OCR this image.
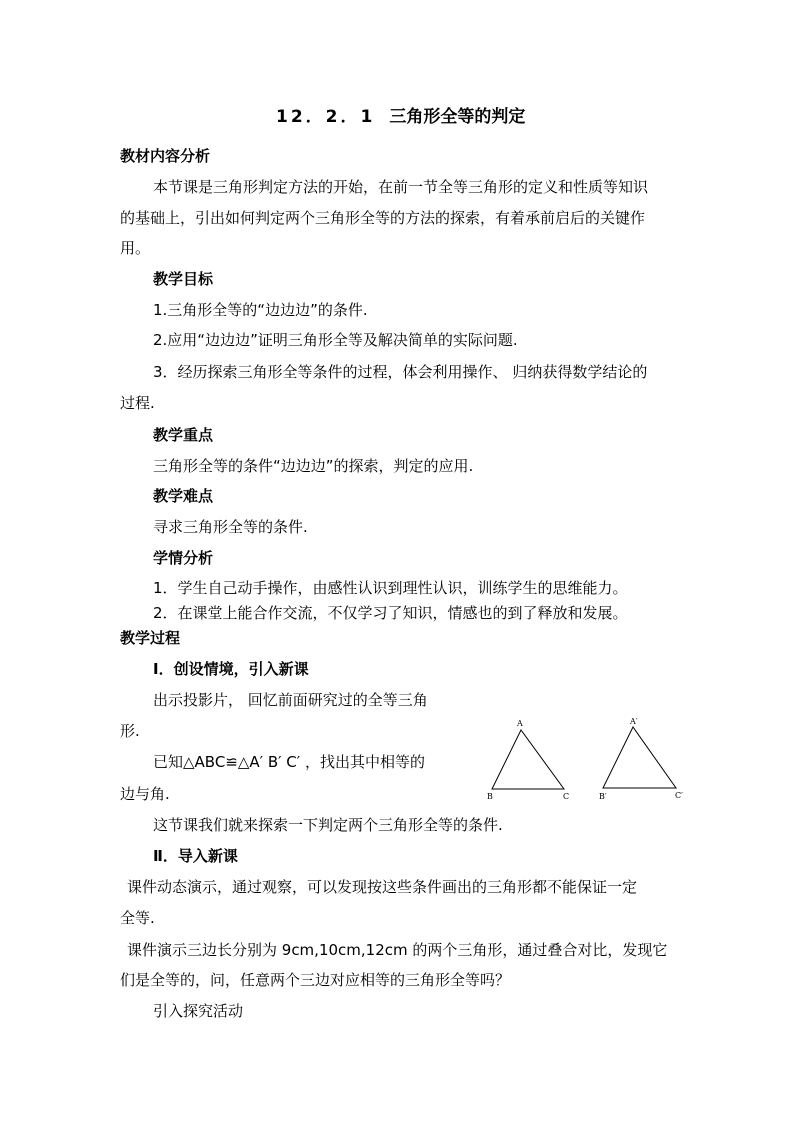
12．2．1 三角形全等的判定
教材内容分析
本节课是三角形判定方法的开始，在前一节全等三角形的定义和性质等知识
的基础上，引出如何判定两个三角形全等的方法的探索，有着承前启后的关键作
用。
教学目标
1.三角形全等的“边边边”的条件.
2.应用“边边边”证明三角形全等及解决简单的实际问题.
3．经历探索三角形全等条件的过程，体会利用操作、 归纳获得数学结论的
过程.
教学重点
三角形全等的条件“边边边”的探索，判定的应用.
教学难点
寻求三角形全等的条件.
学情分析
1．学生自己动手操作，由感性认识到理性认识，训练学生的思维能力。
2．在课堂上能合作交流，不仅学习了知识，情感也的到了释放和发展。
教学过程
Ⅰ．创设情境，引入新课
出示投影片， 回忆前面研究过的全等三角
形.
已知△ABC≌△A′ B′ C′ ，找出其中相等的
边与角.
这节课我们就来探索一下判定两个三角形全等的条件.
Ⅱ．导入新课
课件动态演示，通过观察，可以发现按这些条件画出的三角形都不能保证一定
全等.
课件演示三边长分别为 9cm,10cm,12cm 的两个三角形，通过叠合对比，发现它
们是全等的，问，任意两个三边对应相等的三角形全等吗？
引入探究活动
A
B	C
A′
B′	C′
